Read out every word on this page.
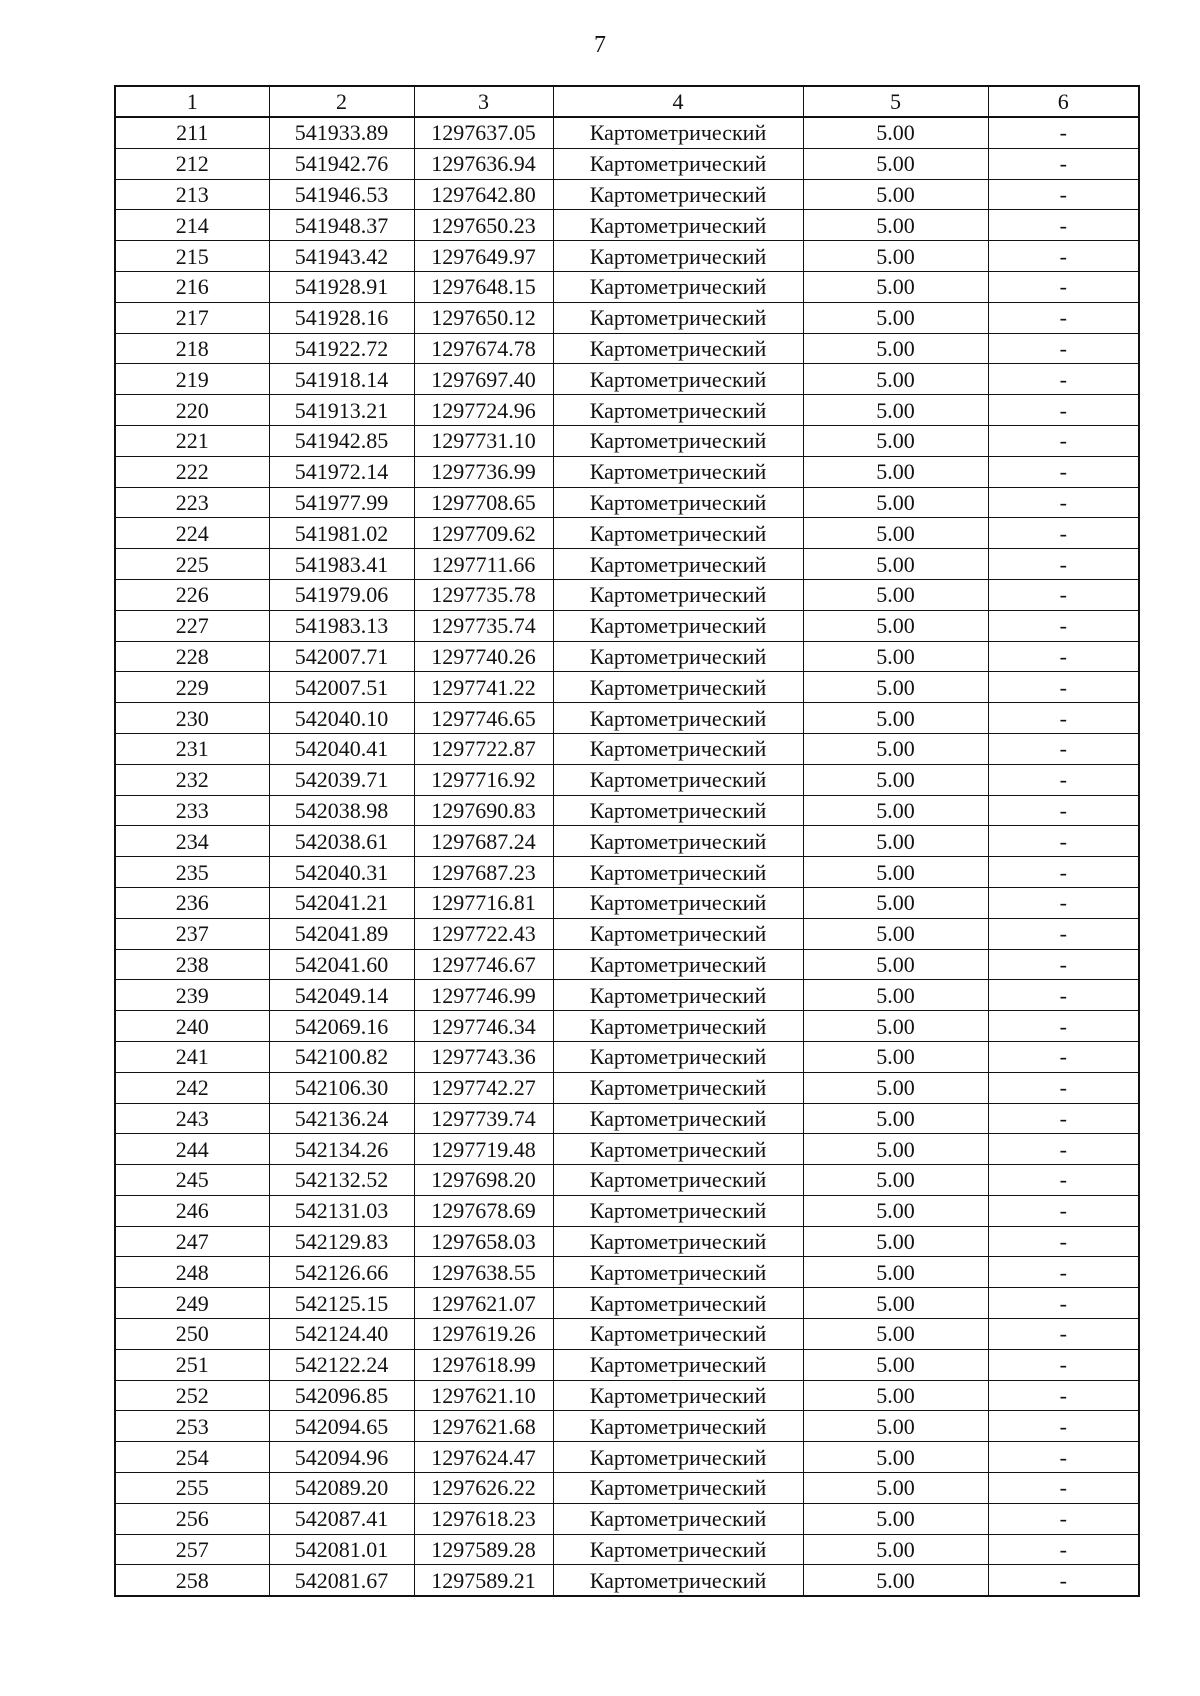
7
1	2	3	4	5	6
211	541933.89	1297637.05	Картометрический	5.00	-
212	541942.76	1297636.94	Картометрический	5.00	-
213	541946.53	1297642.80	Картометрический	5.00	-
214	541948.37	1297650.23	Картометрический	5.00	-
215	541943.42	1297649.97	Картометрический	5.00	-
216	541928.91	1297648.15	Картометрический	5.00	-
217	541928.16	1297650.12	Картометрический	5.00	-
218	541922.72	1297674.78	Картометрический	5.00	-
219	541918.14	1297697.40	Картометрический	5.00	-
220	541913.21	1297724.96	Картометрический	5.00	-
221	541942.85	1297731.10	Картометрический	5.00	-
222	541972.14	1297736.99	Картометрический	5.00	-
223	541977.99	1297708.65	Картометрический	5.00	-
224	541981.02	1297709.62	Картометрический	5.00	-
225	541983.41	1297711.66	Картометрический	5.00	-
226	541979.06	1297735.78	Картометрический	5.00	-
227	541983.13	1297735.74	Картометрический	5.00	-
228	542007.71	1297740.26	Картометрический	5.00	-
229	542007.51	1297741.22	Картометрический	5.00	-
230	542040.10	1297746.65	Картометрический	5.00	-
231	542040.41	1297722.87	Картометрический	5.00	-
232	542039.71	1297716.92	Картометрический	5.00	-
233	542038.98	1297690.83	Картометрический	5.00	-
234	542038.61	1297687.24	Картометрический	5.00	-
235	542040.31	1297687.23	Картометрический	5.00	-
236	542041.21	1297716.81	Картометрический	5.00	-
237	542041.89	1297722.43	Картометрический	5.00	-
238	542041.60	1297746.67	Картометрический	5.00	-
239	542049.14	1297746.99	Картометрический	5.00	-
240	542069.16	1297746.34	Картометрический	5.00	-
241	542100.82	1297743.36	Картометрический	5.00	-
242	542106.30	1297742.27	Картометрический	5.00	-
243	542136.24	1297739.74	Картометрический	5.00	-
244	542134.26	1297719.48	Картометрический	5.00	-
245	542132.52	1297698.20	Картометрический	5.00	-
246	542131.03	1297678.69	Картометрический	5.00	-
247	542129.83	1297658.03	Картометрический	5.00	-
248	542126.66	1297638.55	Картометрический	5.00	-
249	542125.15	1297621.07	Картометрический	5.00	-
250	542124.40	1297619.26	Картометрический	5.00	-
251	542122.24	1297618.99	Картометрический	5.00	-
252	542096.85	1297621.10	Картометрический	5.00	-
253	542094.65	1297621.68	Картометрический	5.00	-
254	542094.96	1297624.47	Картометрический	5.00	-
255	542089.20	1297626.22	Картометрический	5.00	-
256	542087.41	1297618.23	Картометрический	5.00	-
257	542081.01	1297589.28	Картометрический	5.00	-
258	542081.67	1297589.21	Картометрический	5.00	-
